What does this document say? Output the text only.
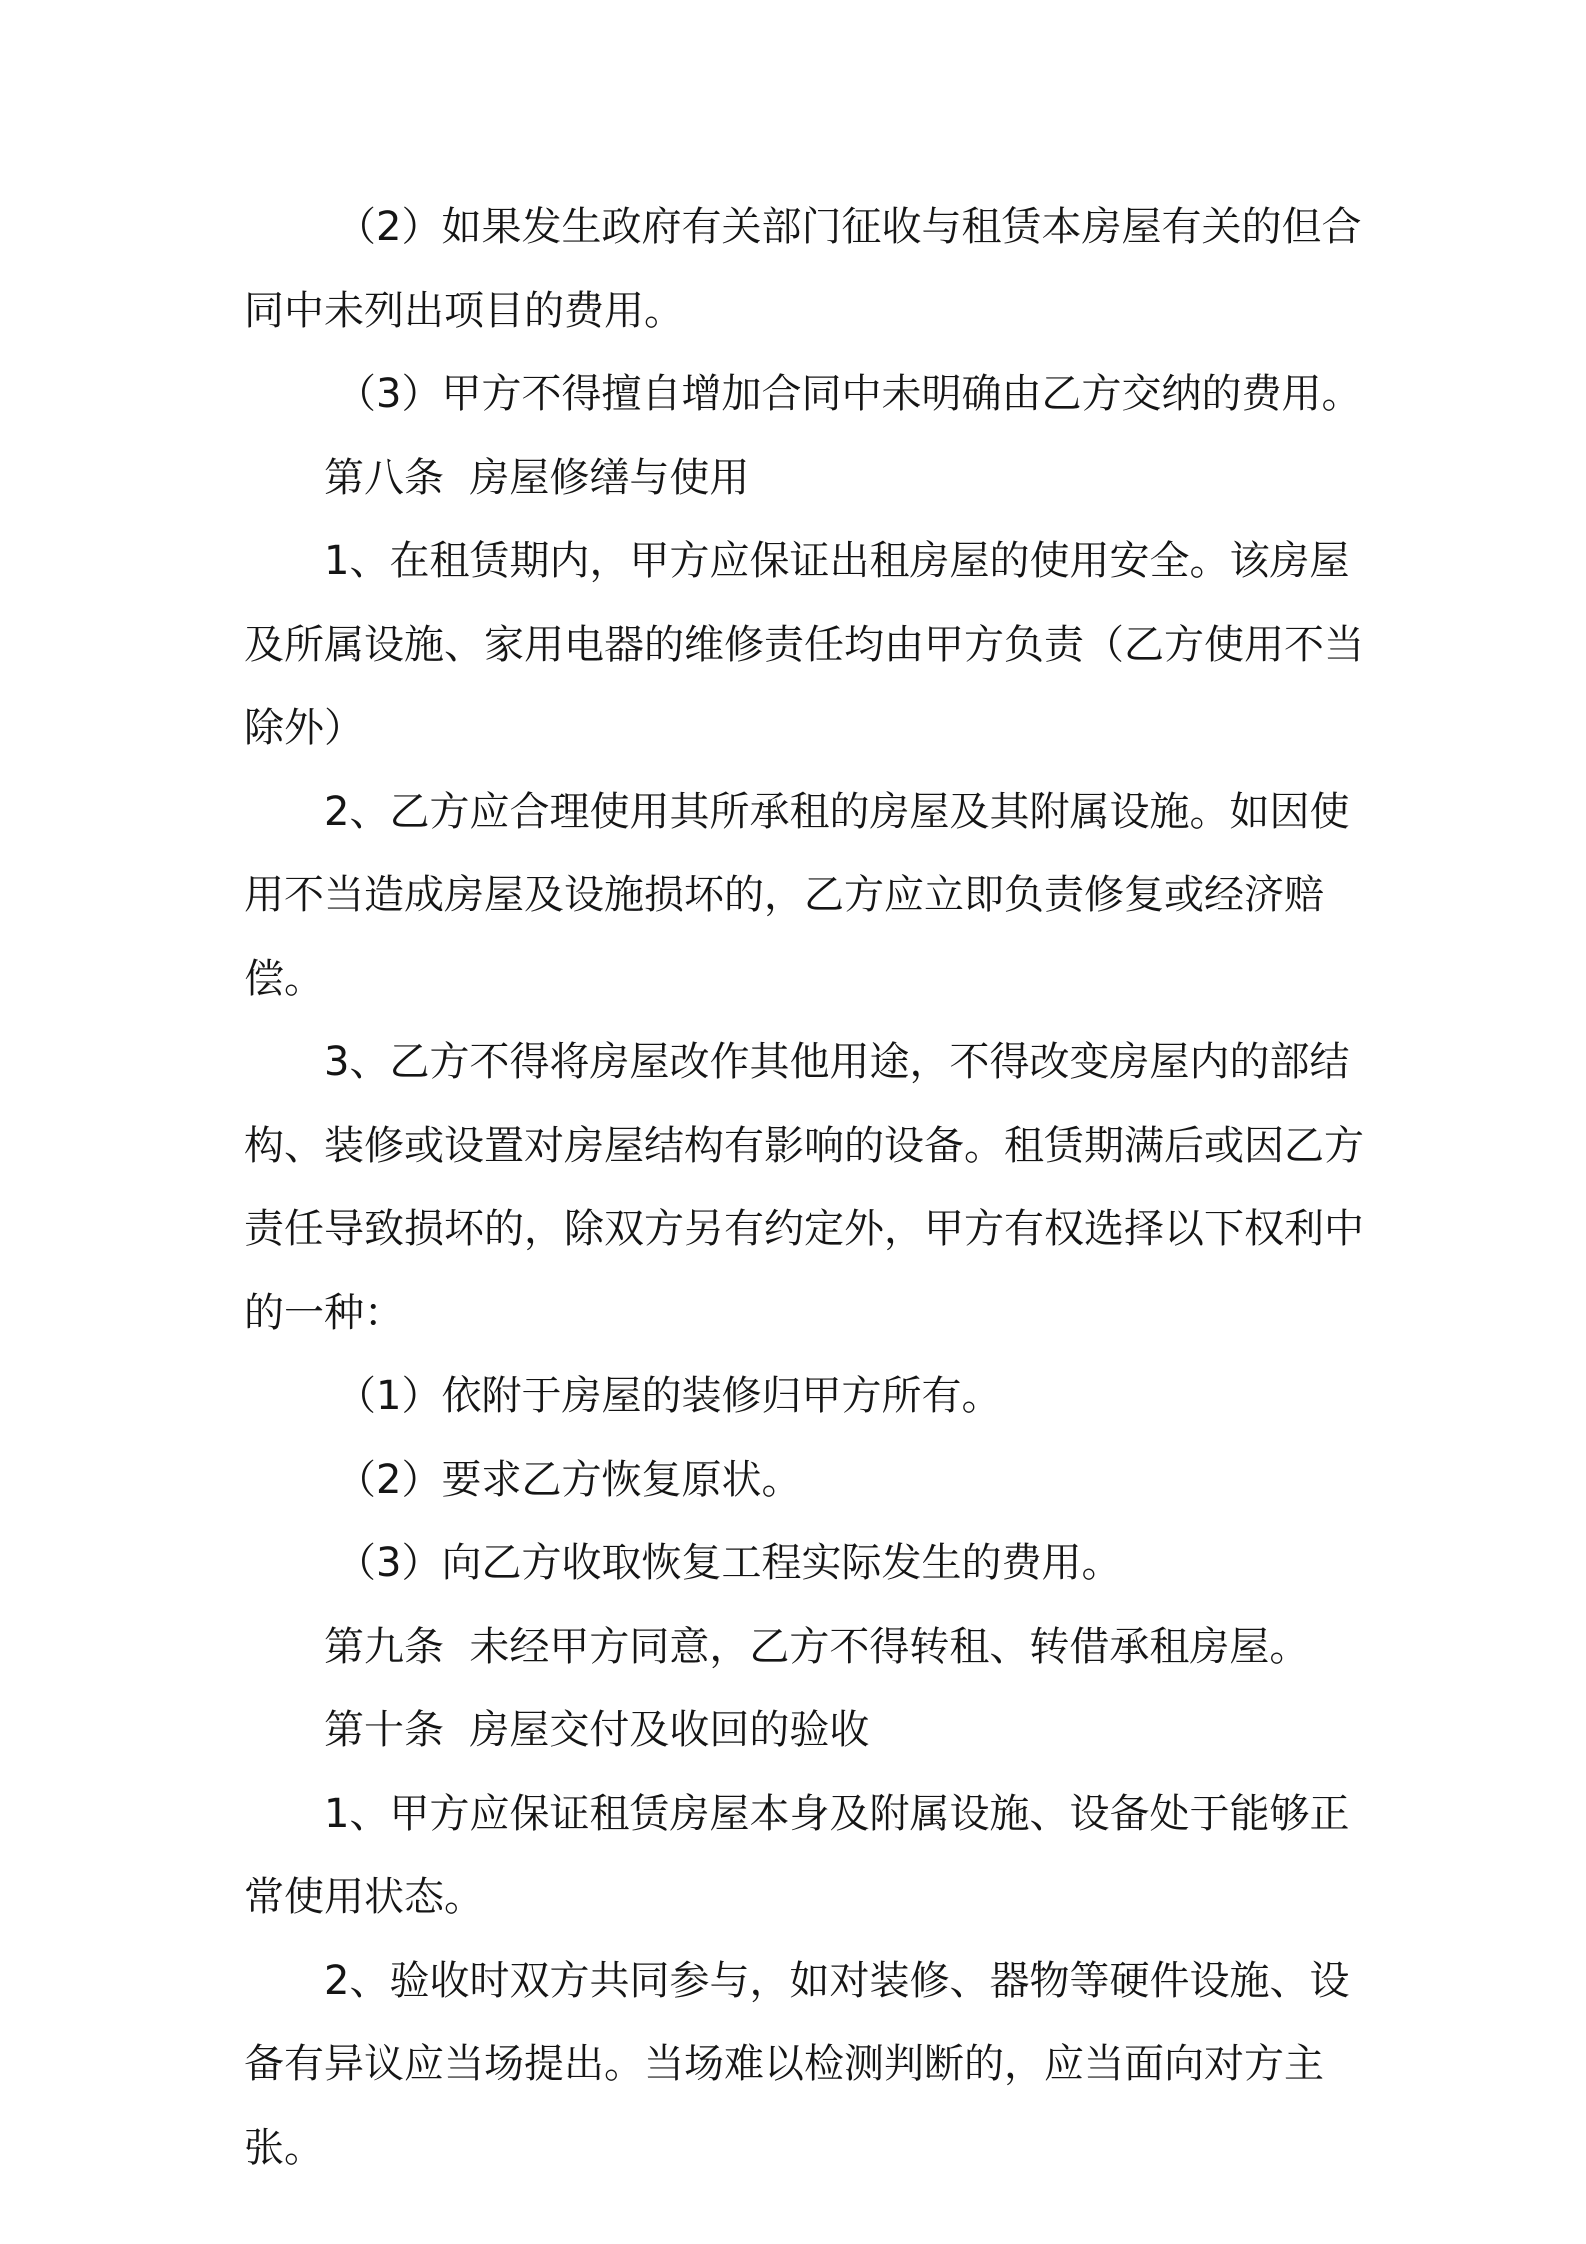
（2）如果发生政府有关部门征收与租赁本房屋有关的但合同中未列出项目的费用。

（3）甲方不得擅自增加合同中未明确由乙方交纳的费用。

第八条  房屋修缮与使用

1、在租赁期内，甲方应保证出租房屋的使用安全。该房屋及所属设施、家用电器的维修责任均由甲方负责（乙方使用不当除外）

2、乙方应合理使用其所承租的房屋及其附属设施。如因使用不当造成房屋及设施损坏的，乙方应立即负责修复或经济赔偿。

3、乙方不得将房屋改作其他用途，不得改变房屋内的部结构、装修或设置对房屋结构有影响的设备。租赁期满后或因乙方责任导致损坏的，除双方另有约定外，甲方有权选择以下权利中的一种：

（1）依附于房屋的装修归甲方所有。

（2）要求乙方恢复原状。

（3）向乙方收取恢复工程实际发生的费用。

第九条  未经甲方同意，乙方不得转租、转借承租房屋。

第十条  房屋交付及收回的验收

1、甲方应保证租赁房屋本身及附属设施、设备处于能够正常使用状态。

2、验收时双方共同参与，如对装修、器物等硬件设施、设备有异议应当场提出。当场难以检测判断的，应当面向对方主张。
